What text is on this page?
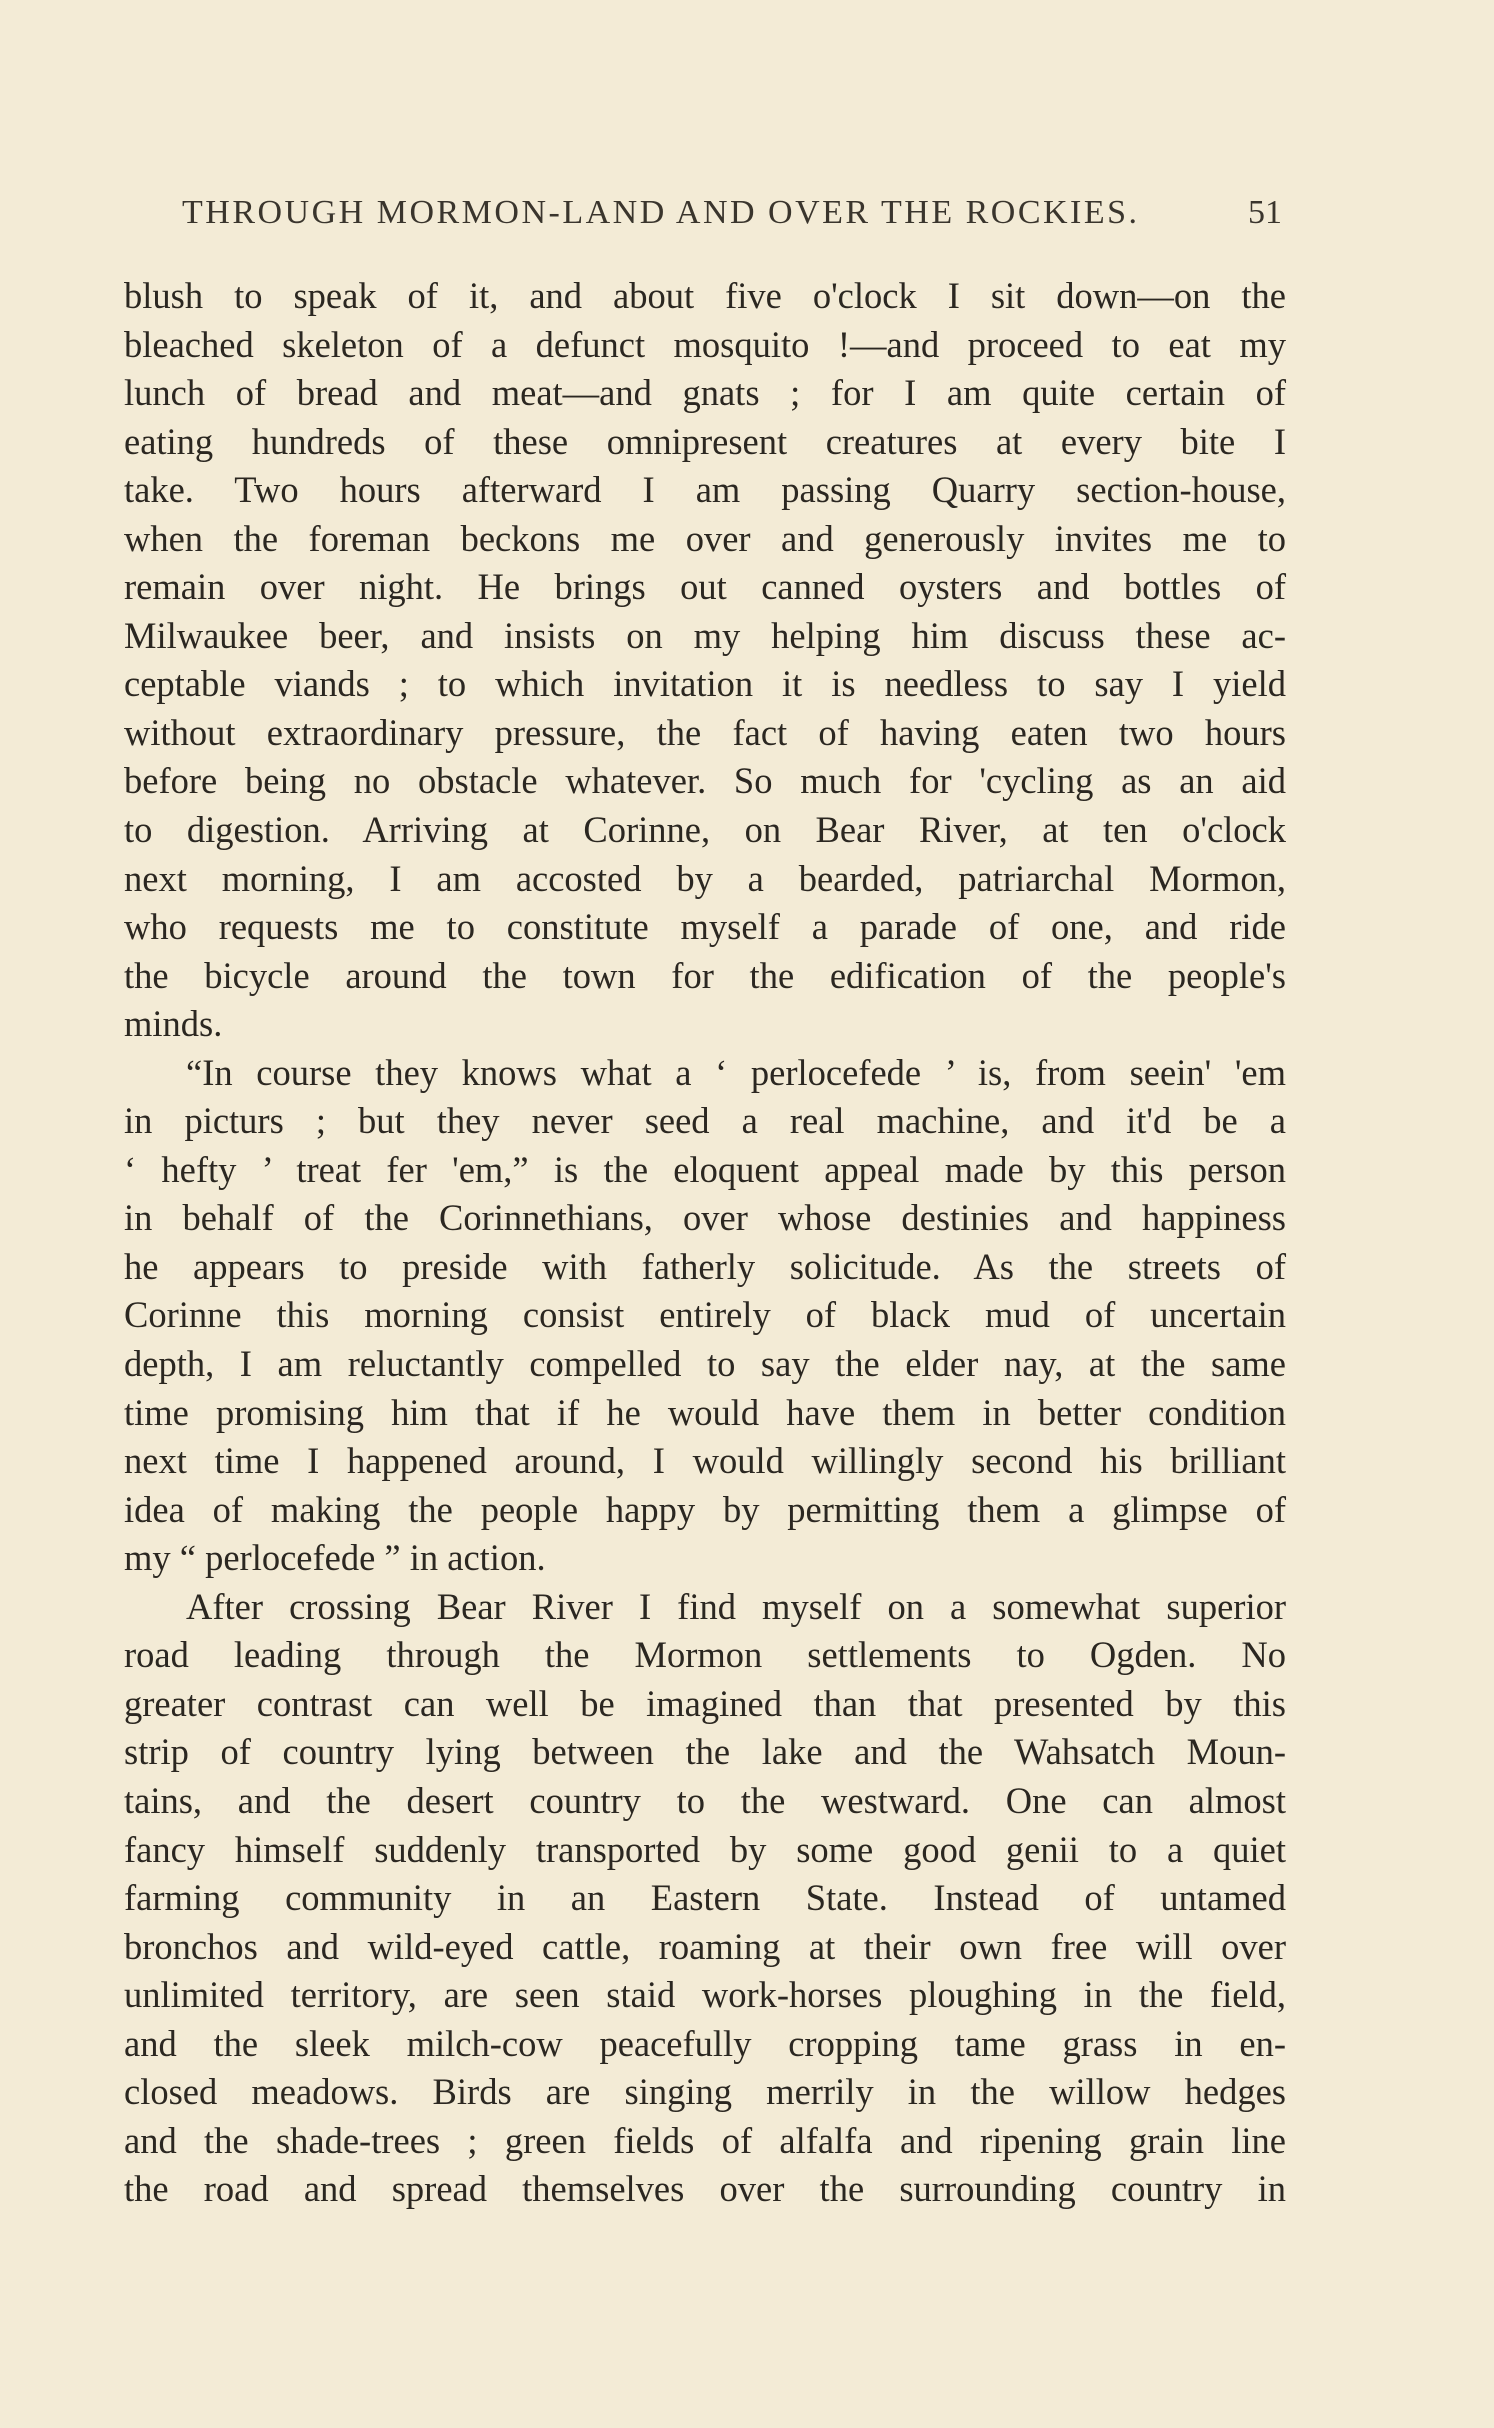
THROUGH MORMON-LAND AND OVER THE ROCKIES.	51
blush to speak of it, and about five o'clock I sit down—on the
bleached skeleton of a defunct mosquito !—and proceed to eat my
lunch of bread and meat—and gnats ; for I am quite certain of
eating hundreds of these omnipresent creatures at every bite I
take. Two hours afterward I am passing Quarry section-house,
when the foreman beckons me over and generously invites me to
remain over night. He brings out canned oysters and bottles of
Milwaukee beer, and insists on my helping him discuss these ac-
ceptable viands ; to which invitation it is needless to say I yield
without extraordinary pressure, the fact of having eaten two hours
before being no obstacle whatever. So much for 'cycling as an aid
to digestion. Arriving at Corinne, on Bear River, at ten o'clock
next morning, I am accosted by a bearded, patriarchal Mormon,
who requests me to constitute myself a parade of one, and ride
the bicycle around the town for the edification of the people's
minds.
“In course they knows what a ‘ perlocefede ’ is, from seein' 'em
in picturs ; but they never seed a real machine, and it'd be a
‘ hefty ’ treat fer 'em,” is the eloquent appeal made by this person
in behalf of the Corinnethians, over whose destinies and happiness
he appears to preside with fatherly solicitude. As the streets of
Corinne this morning consist entirely of black mud of uncertain
depth, I am reluctantly compelled to say the elder nay, at the same
time promising him that if he would have them in better condition
next time I happened around, I would willingly second his brilliant
idea of making the people happy by permitting them a glimpse of
my “ perlocefede ” in action.
After crossing Bear River I find myself on a somewhat superior
road leading through the Mormon settlements to Ogden. No
greater contrast can well be imagined than that presented by this
strip of country lying between the lake and the Wahsatch Moun-
tains, and the desert country to the westward. One can almost
fancy himself suddenly transported by some good genii to a quiet
farming community in an Eastern State. Instead of untamed
bronchos and wild-eyed cattle, roaming at their own free will over
unlimited territory, are seen staid work-horses ploughing in the field,
and the sleek milch-cow peacefully cropping tame grass in en-
closed meadows. Birds are singing merrily in the willow hedges
and the shade-trees ; green fields of alfalfa and ripening grain line
the road and spread themselves over the surrounding country in
